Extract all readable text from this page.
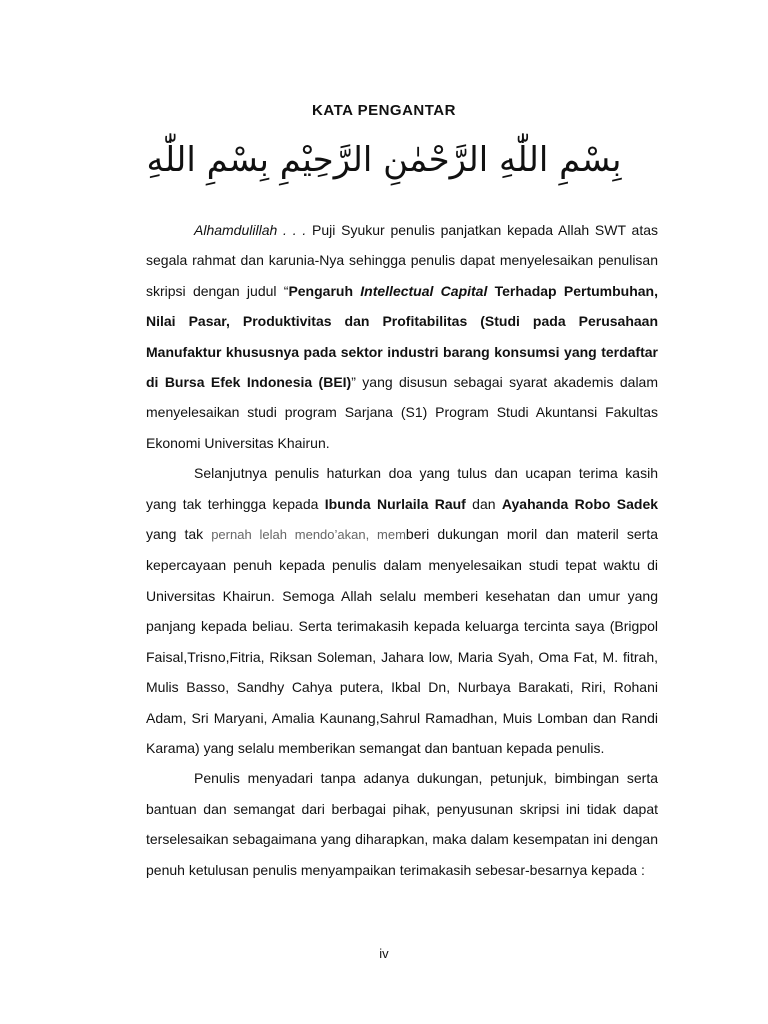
KATA PENGANTAR
بِسْمِ اللّٰهِ الرَّحْمٰنِ الرَّحِيْمِ بِسْمِ اللّٰهِ

Alhamdulillah . . . Puji Syukur penulis panjatkan kepada Allah SWT atas segala rahmat dan karunia-Nya sehingga penulis dapat menyelesaikan penulisan skripsi dengan judul “Pengaruh Intellectual Capital Terhadap Pertumbuhan, Nilai Pasar, Produktivitas dan Profitabilitas (Studi pada Perusahaan Manufaktur khususnya pada sektor industri barang konsumsi yang terdaftar di Bursa Efek Indonesia (BEI)” yang disusun sebagai syarat akademis dalam menyelesaikan studi program Sarjana (S1) Program Studi Akuntansi Fakultas Ekonomi Universitas Khairun.

Selanjutnya penulis haturkan doa yang tulus dan ucapan terima kasih yang tak terhingga kepada Ibunda Nurlaila Rauf dan Ayahanda Robo Sadek yang tak pernah lelah mendo’akan, memberi dukungan moril dan materil serta kepercayaan penuh kepada penulis dalam menyelesaikan studi tepat waktu di Universitas Khairun. Semoga Allah selalu memberi kesehatan dan umur yang panjang kepada beliau. Serta terimakasih kepada keluarga tercinta saya (Brigpol Faisal,Trisno,Fitria, Riksan Soleman, Jahara low, Maria Syah, Oma Fat, M. fitrah, Mulis Basso, Sandhy Cahya putera, Ikbal Dn, Nurbaya Barakati, Riri, Rohani Adam, Sri Maryani, Amalia Kaunang,Sahrul Ramadhan, Muis Lomban dan Randi Karama) yang selalu memberikan semangat dan bantuan kepada penulis.

Penulis menyadari tanpa adanya dukungan, petunjuk, bimbingan serta bantuan dan semangat dari berbagai pihak, penyusunan skripsi ini tidak dapat terselesaikan sebagaimana yang diharapkan, maka dalam kesempatan ini dengan penuh ketulusan penulis menyampaikan terimakasih sebesar-besarnya kepada :

iv
